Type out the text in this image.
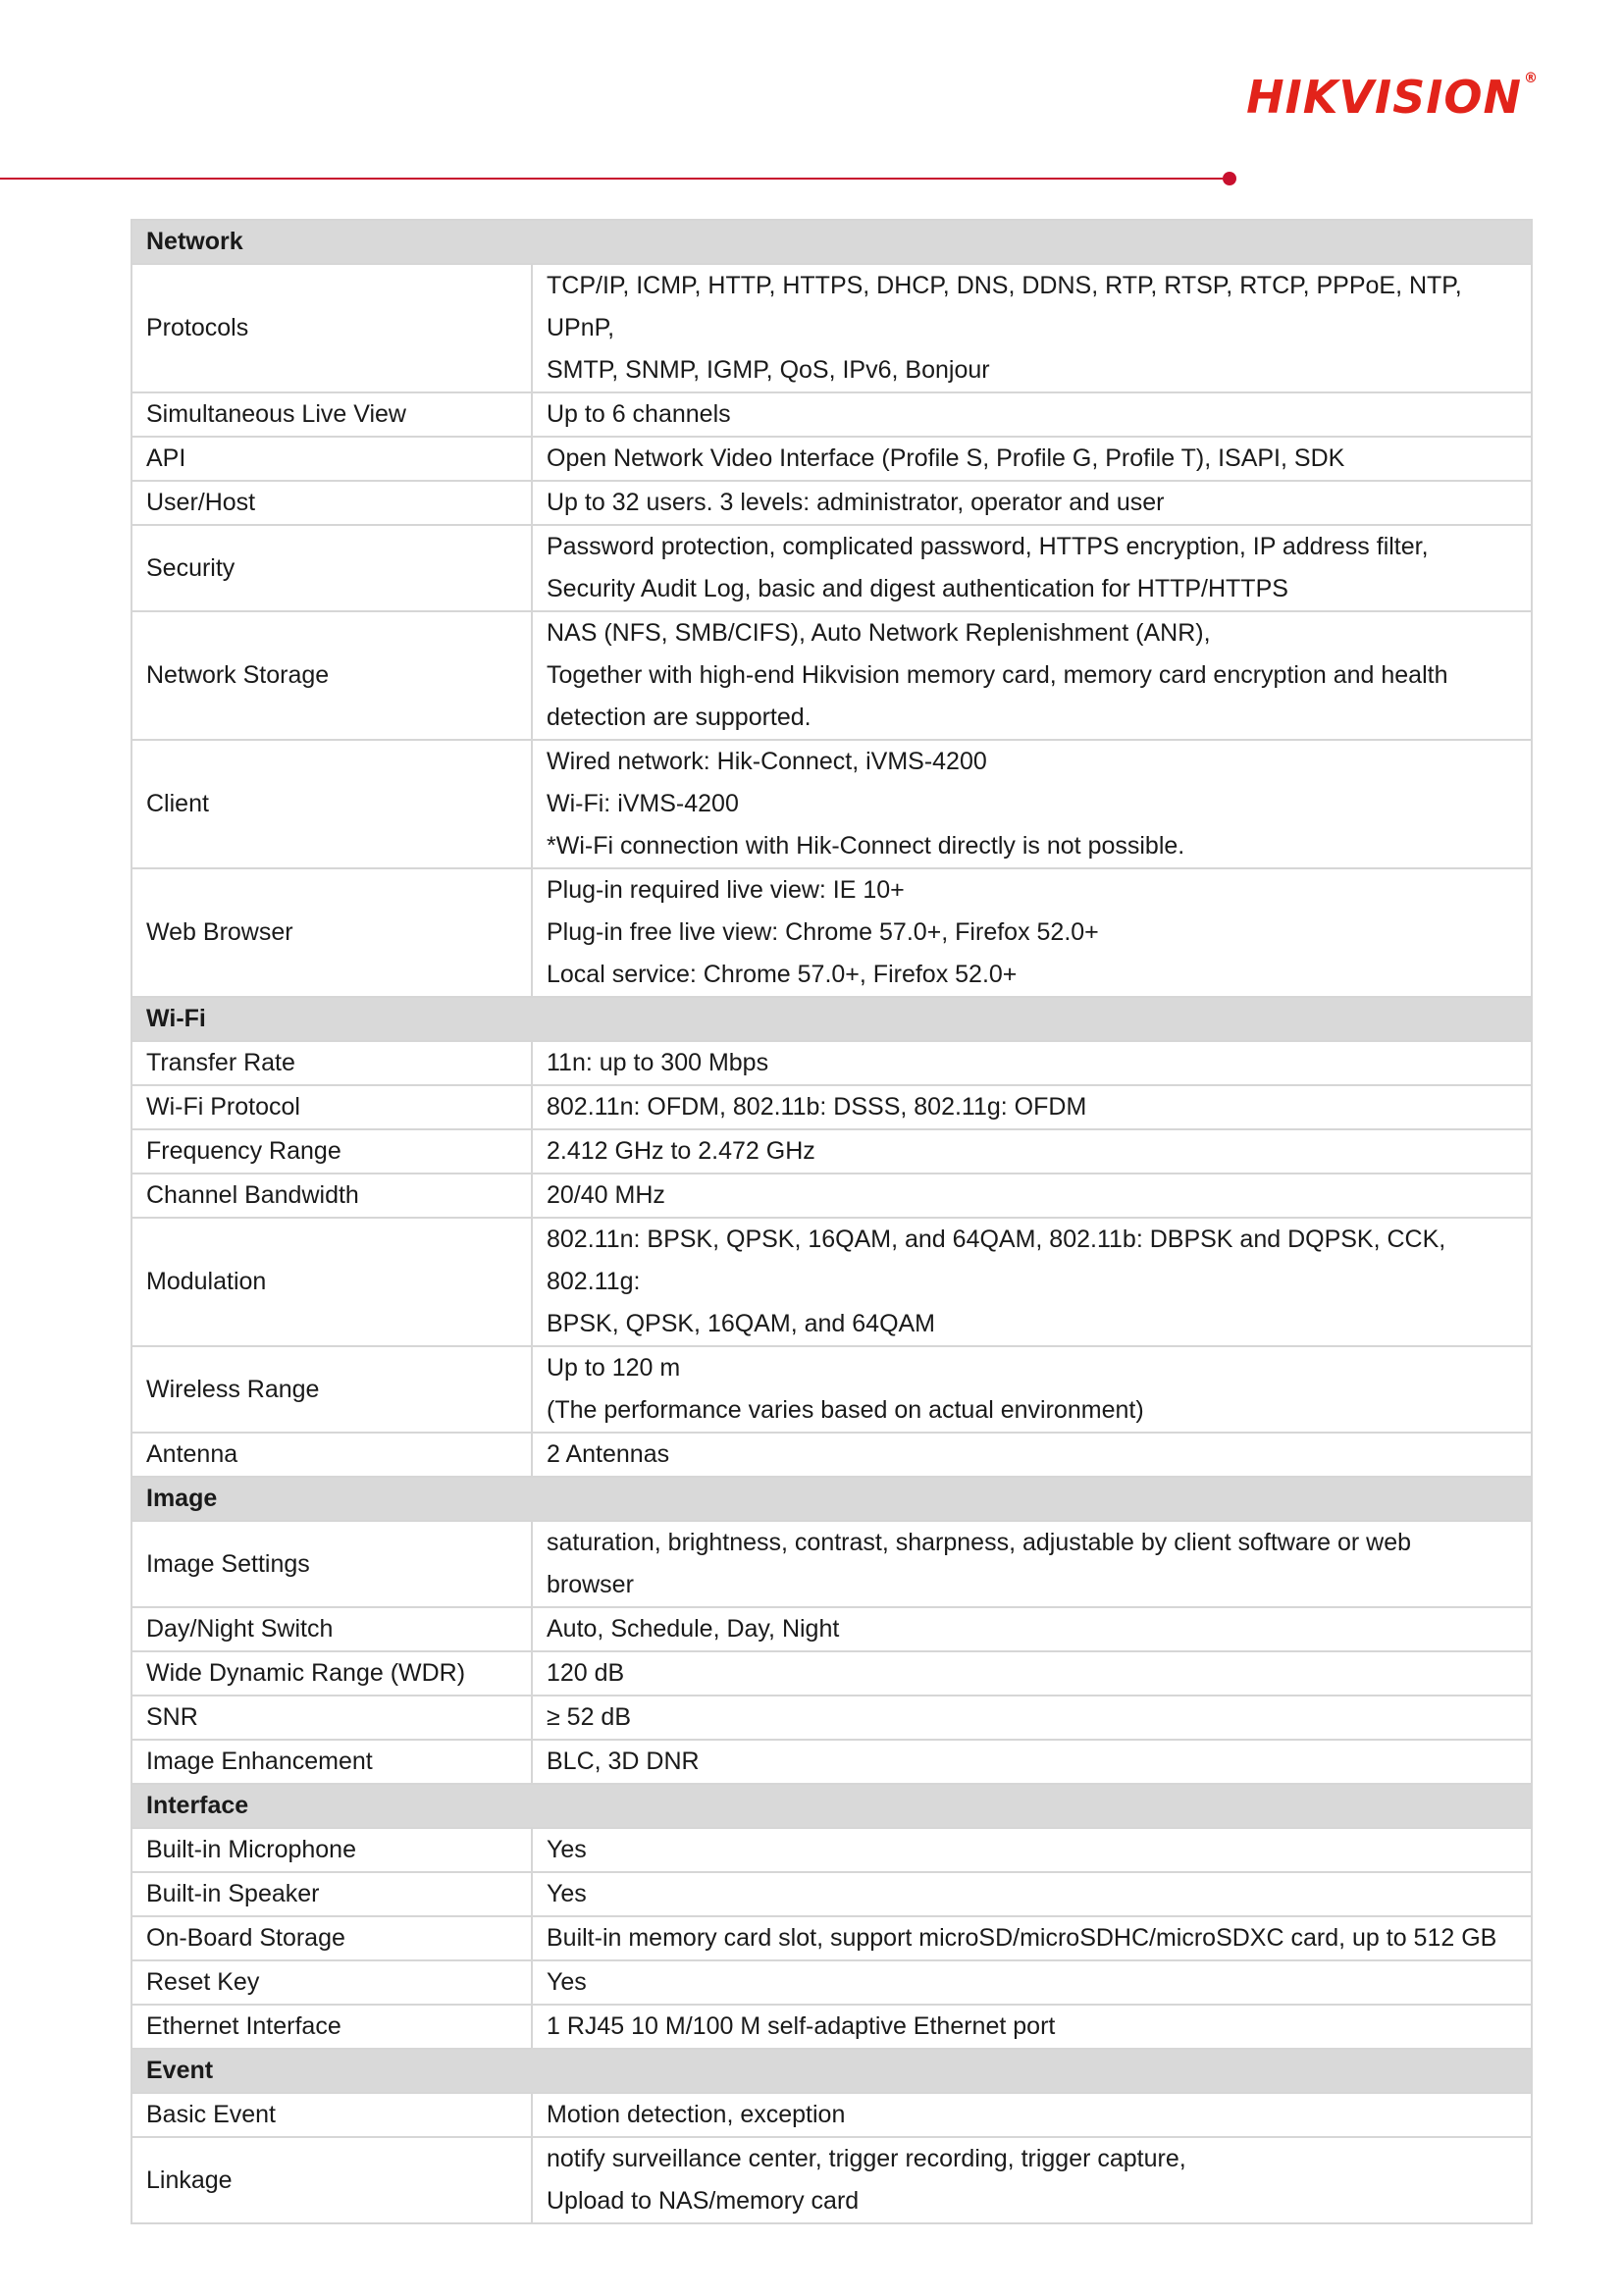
HIKVISION ®
Network	
Protocols	TCP/IP, ICMP, HTTP, HTTPS, DHCP, DNS, DDNS, RTP, RTSP, RTCP, PPPoE, NTP, UPnP,
SMTP, SNMP, IGMP, QoS, IPv6, Bonjour

Simultaneous Live View	Up to 6 channels

API	Open Network Video Interface (Profile S, Profile G, Profile T), ISAPI, SDK

User/Host	Up to 32 users. 3 levels: administrator, operator and user

Security	Password protection, complicated password, HTTPS encryption, IP address filter,
Security Audit Log, basic and digest authentication for HTTP/HTTPS

Network Storage	NAS (NFS, SMB/CIFS), Auto Network Replenishment (ANR),
Together with high-end Hikvision memory card, memory card encryption and health
detection are supported.

Client	Wired network: Hik-Connect, iVMS-4200
Wi-Fi: iVMS-4200
*Wi-Fi connection with Hik-Connect directly is not possible.

Web Browser	Plug-in required live view: IE 10+
Plug-in free live view: Chrome 57.0+, Firefox 52.0+
Local service: Chrome 57.0+, Firefox 52.0+

Wi-Fi	
Transfer Rate	11n: up to 300 Mbps

Wi-Fi Protocol	802.11n: OFDM, 802.11b: DSSS, 802.11g: OFDM

Frequency Range	2.412 GHz to 2.472 GHz

Channel Bandwidth	20/40 MHz

Modulation	802.11n: BPSK, QPSK, 16QAM, and 64QAM, 802.11b: DBPSK and DQPSK, CCK, 802.11g:
BPSK, QPSK, 16QAM, and 64QAM

Wireless Range	Up to 120 m
(The performance varies based on actual environment)

Antenna	2 Antennas

Image	
Image Settings	saturation, brightness, contrast, sharpness, adjustable by client software or web
browser

Day/Night Switch	Auto, Schedule, Day, Night

Wide Dynamic Range (WDR)	120 dB

SNR	≥ 52 dB

Image Enhancement	BLC, 3D DNR

Interface	
Built-in Microphone	Yes

Built-in Speaker	Yes

On-Board Storage	Built-in memory card slot, support microSD/microSDHC/microSDXC card, up to 512 GB

Reset Key	Yes

Ethernet Interface	1 RJ45 10 M/100 M self-adaptive Ethernet port

Event	
Basic Event	Motion detection, exception

Linkage	notify surveillance center, trigger recording, trigger capture,
Upload to NAS/memory card
